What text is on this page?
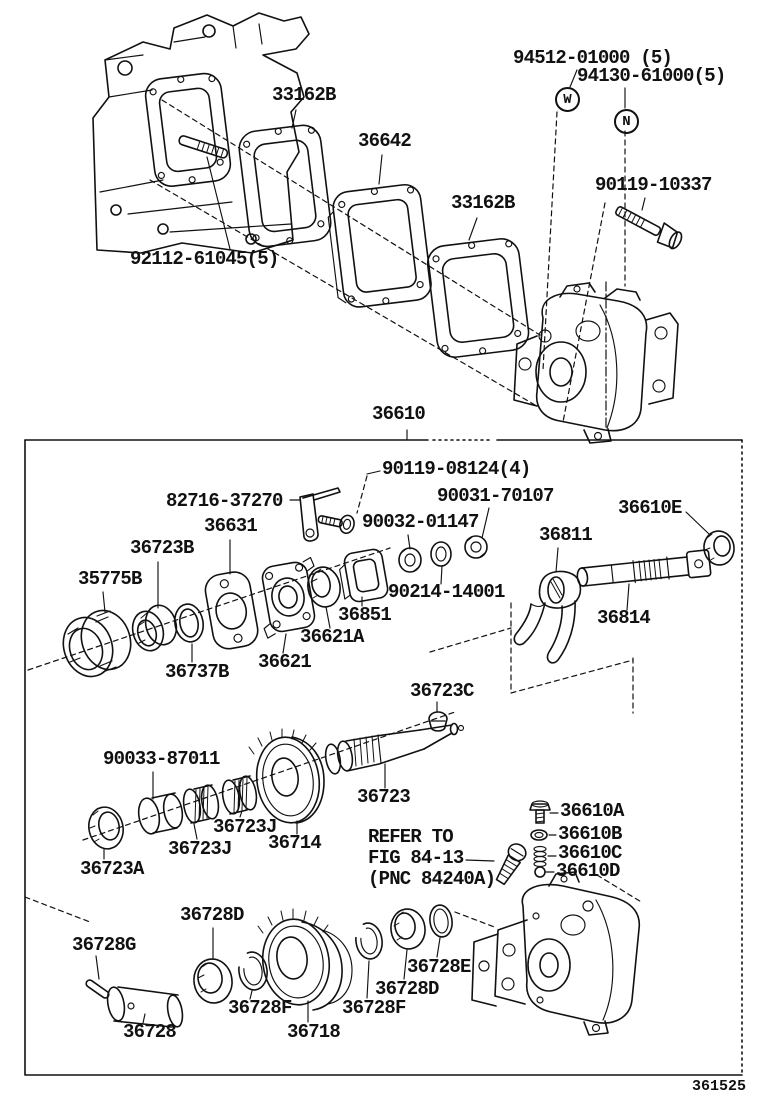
94512-01000 (5)
94130-61000(5)
33162B
36642
33162B
90119-10337
92112-61045(5)
36610
90119-08124(4)
82716-37270	90031-70107
36610E
90032-01147
36811
36631
36723B
35775B
90214-14001
36814
36851
36621A
36621
36737B
36723C
90033-87011
36723
36723J
36714
36723J
36723A
36610A
36610B
36610C
36610D
REFER TO
FIG 84-13
(PNC 84240A)
36728D
36728G
36728E
36728D
36728F
36728F
36728	36718
361525
W
N
